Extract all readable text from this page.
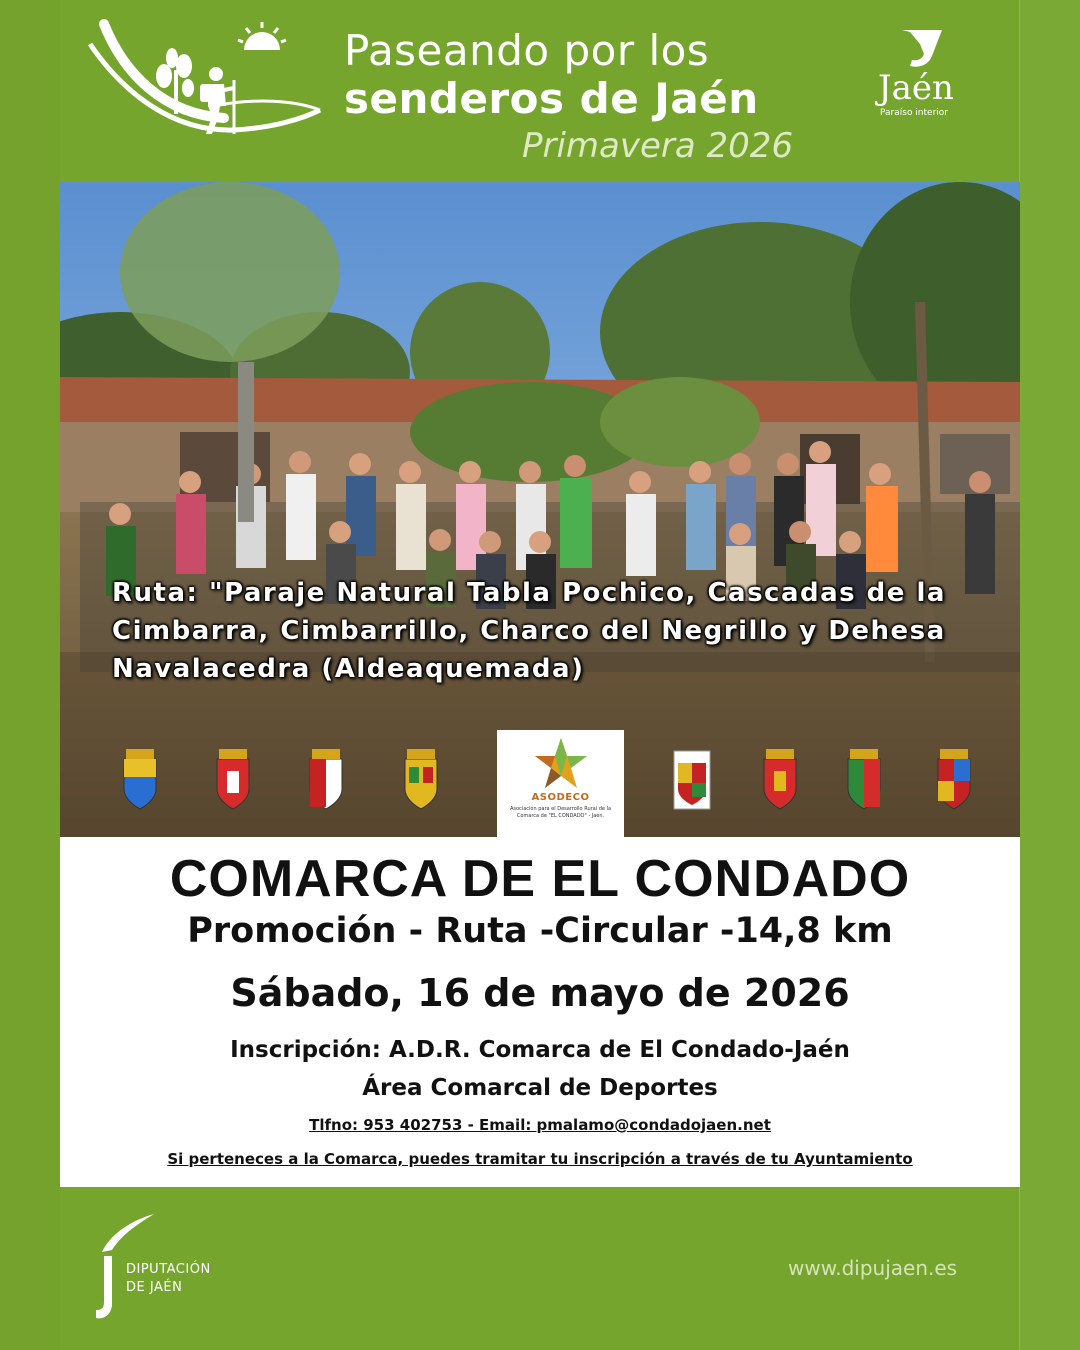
Paseando por los
senderos de Jaén
Primavera 2026
Jaén
Paraíso interior
Ruta: "Paraje Natural Tabla Pochico, Cascadas de la Cimbarra, Cimbarrillo, Charco del Negrillo y Dehesa Navalacedra (Aldeaquemada)
ASODECO
Asociación para el Desarrollo Rural de la Comarca de "EL CONDADO" - Jaén.
COMARCA DE EL CONDADO
Promoción - Ruta -Circular -14,8 km
Sábado, 16 de mayo de 2026
Inscripción: A.D.R. Comarca de El Condado-Jaén
Área Comarcal de Deportes
Tlfno: 953 402753 - Email: pmalamo@condadojaen.net
Si perteneces a la Comarca, puedes tramitar tu inscripción a través de tu Ayuntamiento
DIPUTACIÓN
DE JAÉN
www.dipujaen.es
